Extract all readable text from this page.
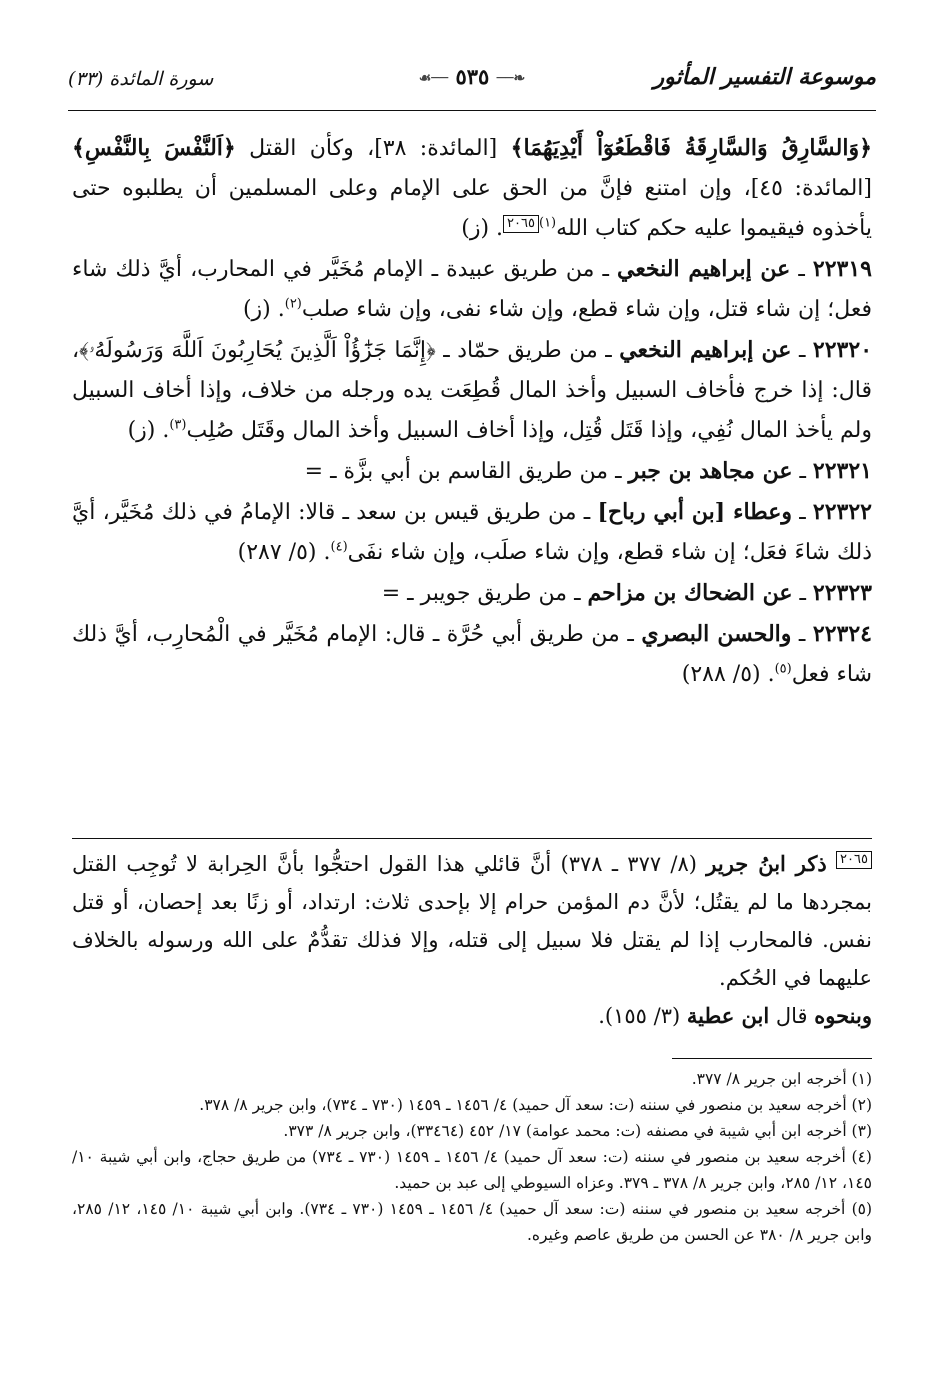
موسوعة التفسير المأثور
❧── ٥٣٥ ──☙
سورة المائدة (٣٣)

﴿وَالسَّارِقُ وَالسَّارِقَةُ فَاقْطَعُوٓاْ أَيْدِيَهُمَا﴾ [المائدة: ٣٨]، وكأن القتل ﴿اَلنَّفْسَ بِالنَّفْسِ﴾ [المائدة: ٤٥]، وإن امتنع فإنَّ من الحق على الإمام وعلى المسلمين أن يطلبوه حتى يأخذوه فيقيموا عليه حكم كتاب الله$^{(١)}$٢٠٦٥. (ز)

٢٢٣١٩ ـ عن إبراهيم النخعي ـ من طريق عبيدة ـ الإمام مُخَيَّر في المحارب، أيَّ ذلك شاء فعل؛ إن شاء قتل، وإن شاء قطع، وإن شاء نفى، وإن شاء صلب$^{(٢)}$. (ز)

٢٢٣٢٠ ـ عن إبراهيم النخعي ـ من طريق حمّاد ـ ﴿إِنَّمَا جَزَٰٓؤُاْ اَلَّذِينَ يُحَارِبُونَ اَللَّهَ وَرَسُولَهُۥ﴾، قال: إذا خرج فأخاف السبيل وأخذ المال قُطِعَت يده ورجله من خلاف، وإذا أخاف السبيل ولم يأخذ المال نُفِي، وإذا قَتَل قُتِل، وإذا أخاف السبيل وأخذ المال وقَتَل صُلِب$^{(٣)}$. (ز)

٢٢٣٢١ ـ عن مجاهد بن جبر ـ من طريق القاسم بن أبي بزَّة ـ =

٢٢٣٢٢ ـ وعطاء [بن أبي رباح] ـ من طريق قيس بن سعد ـ قالا: الإمامُ في ذلك مُخَيَّر، أيَّ ذلك شاءَ فعَل؛ إن شاء قطع، وإن شاء صلَب، وإن شاء نفَى$^{(٤)}$. (٥/ ٢٨٧)

٢٢٣٢٣ ـ عن الضحاك بن مزاحم ـ من طريق جويبر ـ =

٢٢٣٢٤ ـ والحسن البصري ـ من طريق أبي حُرَّة ـ قال: الإمام مُخَيَّر في الْمُحارِب، أيَّ ذلك شاء فعل$^{(٥)}$. (٥/ ٢٨٨)

٢٠٦٥ ذكر ابنُ جرير (٨/ ٣٧٧ ـ ٣٧٨) أنَّ قائلي هذا القول احتجُّوا بأنَّ الحِرابة لا تُوجِب القتل بمجردها ما لم يقتُل؛ لأنَّ دم المؤمن حرام إلا بإحدى ثلاث: ارتداد، أو زنًا بعد إحصان، أو قتل نفس. فالمحارب إذا لم يقتل فلا سبيل إلى قتله، وإلا فذلك تقدُّمٌ على الله ورسوله بالخلاف عليهما في الحُكم.

وبنحوه قال ابن عطية (٣/ ١٥٥).

(١) أخرجه ابن جرير ٨/ ٣٧٧.

(٢) أخرجه سعيد بن منصور في سننه (ت: سعد آل حميد) ٤/ ١٤٥٦ ـ ١٤٥٩ (٧٣٠ ـ ٧٣٤)، وابن جرير ٨/ ٣٧٨.

(٣) أخرجه ابن أبي شيبة في مصنفه (ت: محمد عوامة) ١٧/ ٤٥٢ (٣٣٤٦٤)، وابن جرير ٨/ ٣٧٣.

(٤) أخرجه سعيد بن منصور في سننه (ت: سعد آل حميد) ٤/ ١٤٥٦ ـ ١٤٥٩ (٧٣٠ ـ ٧٣٤) من طريق حجاج، وابن أبي شيبة ١٠/ ١٤٥، ١٢/ ٢٨٥، وابن جرير ٨/ ٣٧٨ ـ ٣٧٩. وعزاه السيوطي إلى عبد بن حميد.

(٥) أخرجه سعيد بن منصور في سننه (ت: سعد آل حميد) ٤/ ١٤٥٦ ـ ١٤٥٩ (٧٣٠ ـ ٧٣٤). وابن أبي شيبة ١٠/ ١٤٥، ١٢/ ٢٨٥، وابن جرير ٨/ ٣٨٠ عن الحسن من طريق عاصم وغيره.
